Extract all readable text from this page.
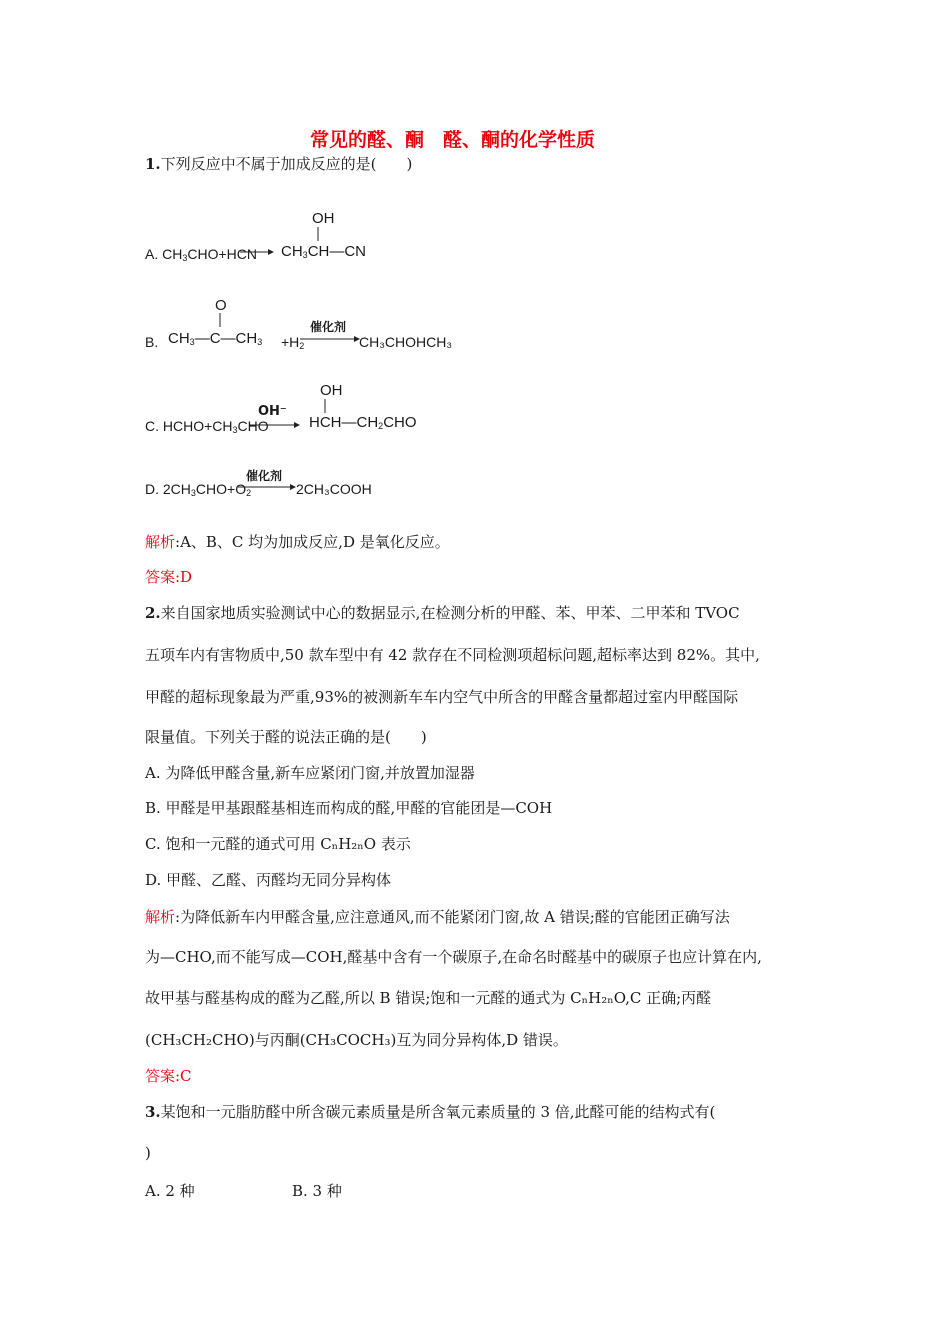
常见的醛、酮　醛、酮的化学性质
1.下列反应中不属于加成反应的是(　　)
A. $CH_3CHO+HCN$
OH
$CH_3CH—CN$
B.
O
$CH_3—C—CH_3 +H_2$
催化剂
CH₃CHOHCH₃
C. $HCHO+CH_3CHO$
OH⁻
OH
$HCH—CH_2CHO$
D. $2CH_3CHO+O_2$
催化剂
2CH₃COOH
解析:A、B、C 均为加成反应,D 是氧化反应。
答案:D
2.来自国家地质实验测试中心的数据显示,在检测分析的甲醛、苯、甲苯、二甲苯和 TVOC
五项车内有害物质中,50 款车型中有 42 款存在不同检测项超标问题,超标率达到 82%。其中,
甲醛的超标现象最为严重,93%的被测新车车内空气中所含的甲醛含量都超过室内甲醛国际
限量值。下列关于醛的说法正确的是(　　)
A. 为降低甲醛含量,新车应紧闭门窗,并放置加湿器
B. 甲醛是甲基跟醛基相连而构成的醛,甲醛的官能团是—COH
C. 饱和一元醛的通式可用 CₙH₂ₙO 表示
D. 甲醛、乙醛、丙醛均无同分异构体
解析:为降低新车内甲醛含量,应注意通风,而不能紧闭门窗,故 A 错误;醛的官能团正确写法
为—CHO,而不能写成—COH,醛基中含有一个碳原子,在命名时醛基中的碳原子也应计算在内,
故甲基与醛基构成的醛为乙醛,所以 B 错误;饱和一元醛的通式为 CₙH₂ₙO,C 正确;丙醛
(CH₃CH₂CHO)与丙酮(CH₃COCH₃)互为同分异构体,D 错误。
答案:C
3.某饱和一元脂肪醛中所含碳元素质量是所含氧元素质量的 3 倍,此醛可能的结构式有(
)
A. 2 种	B. 3 种
